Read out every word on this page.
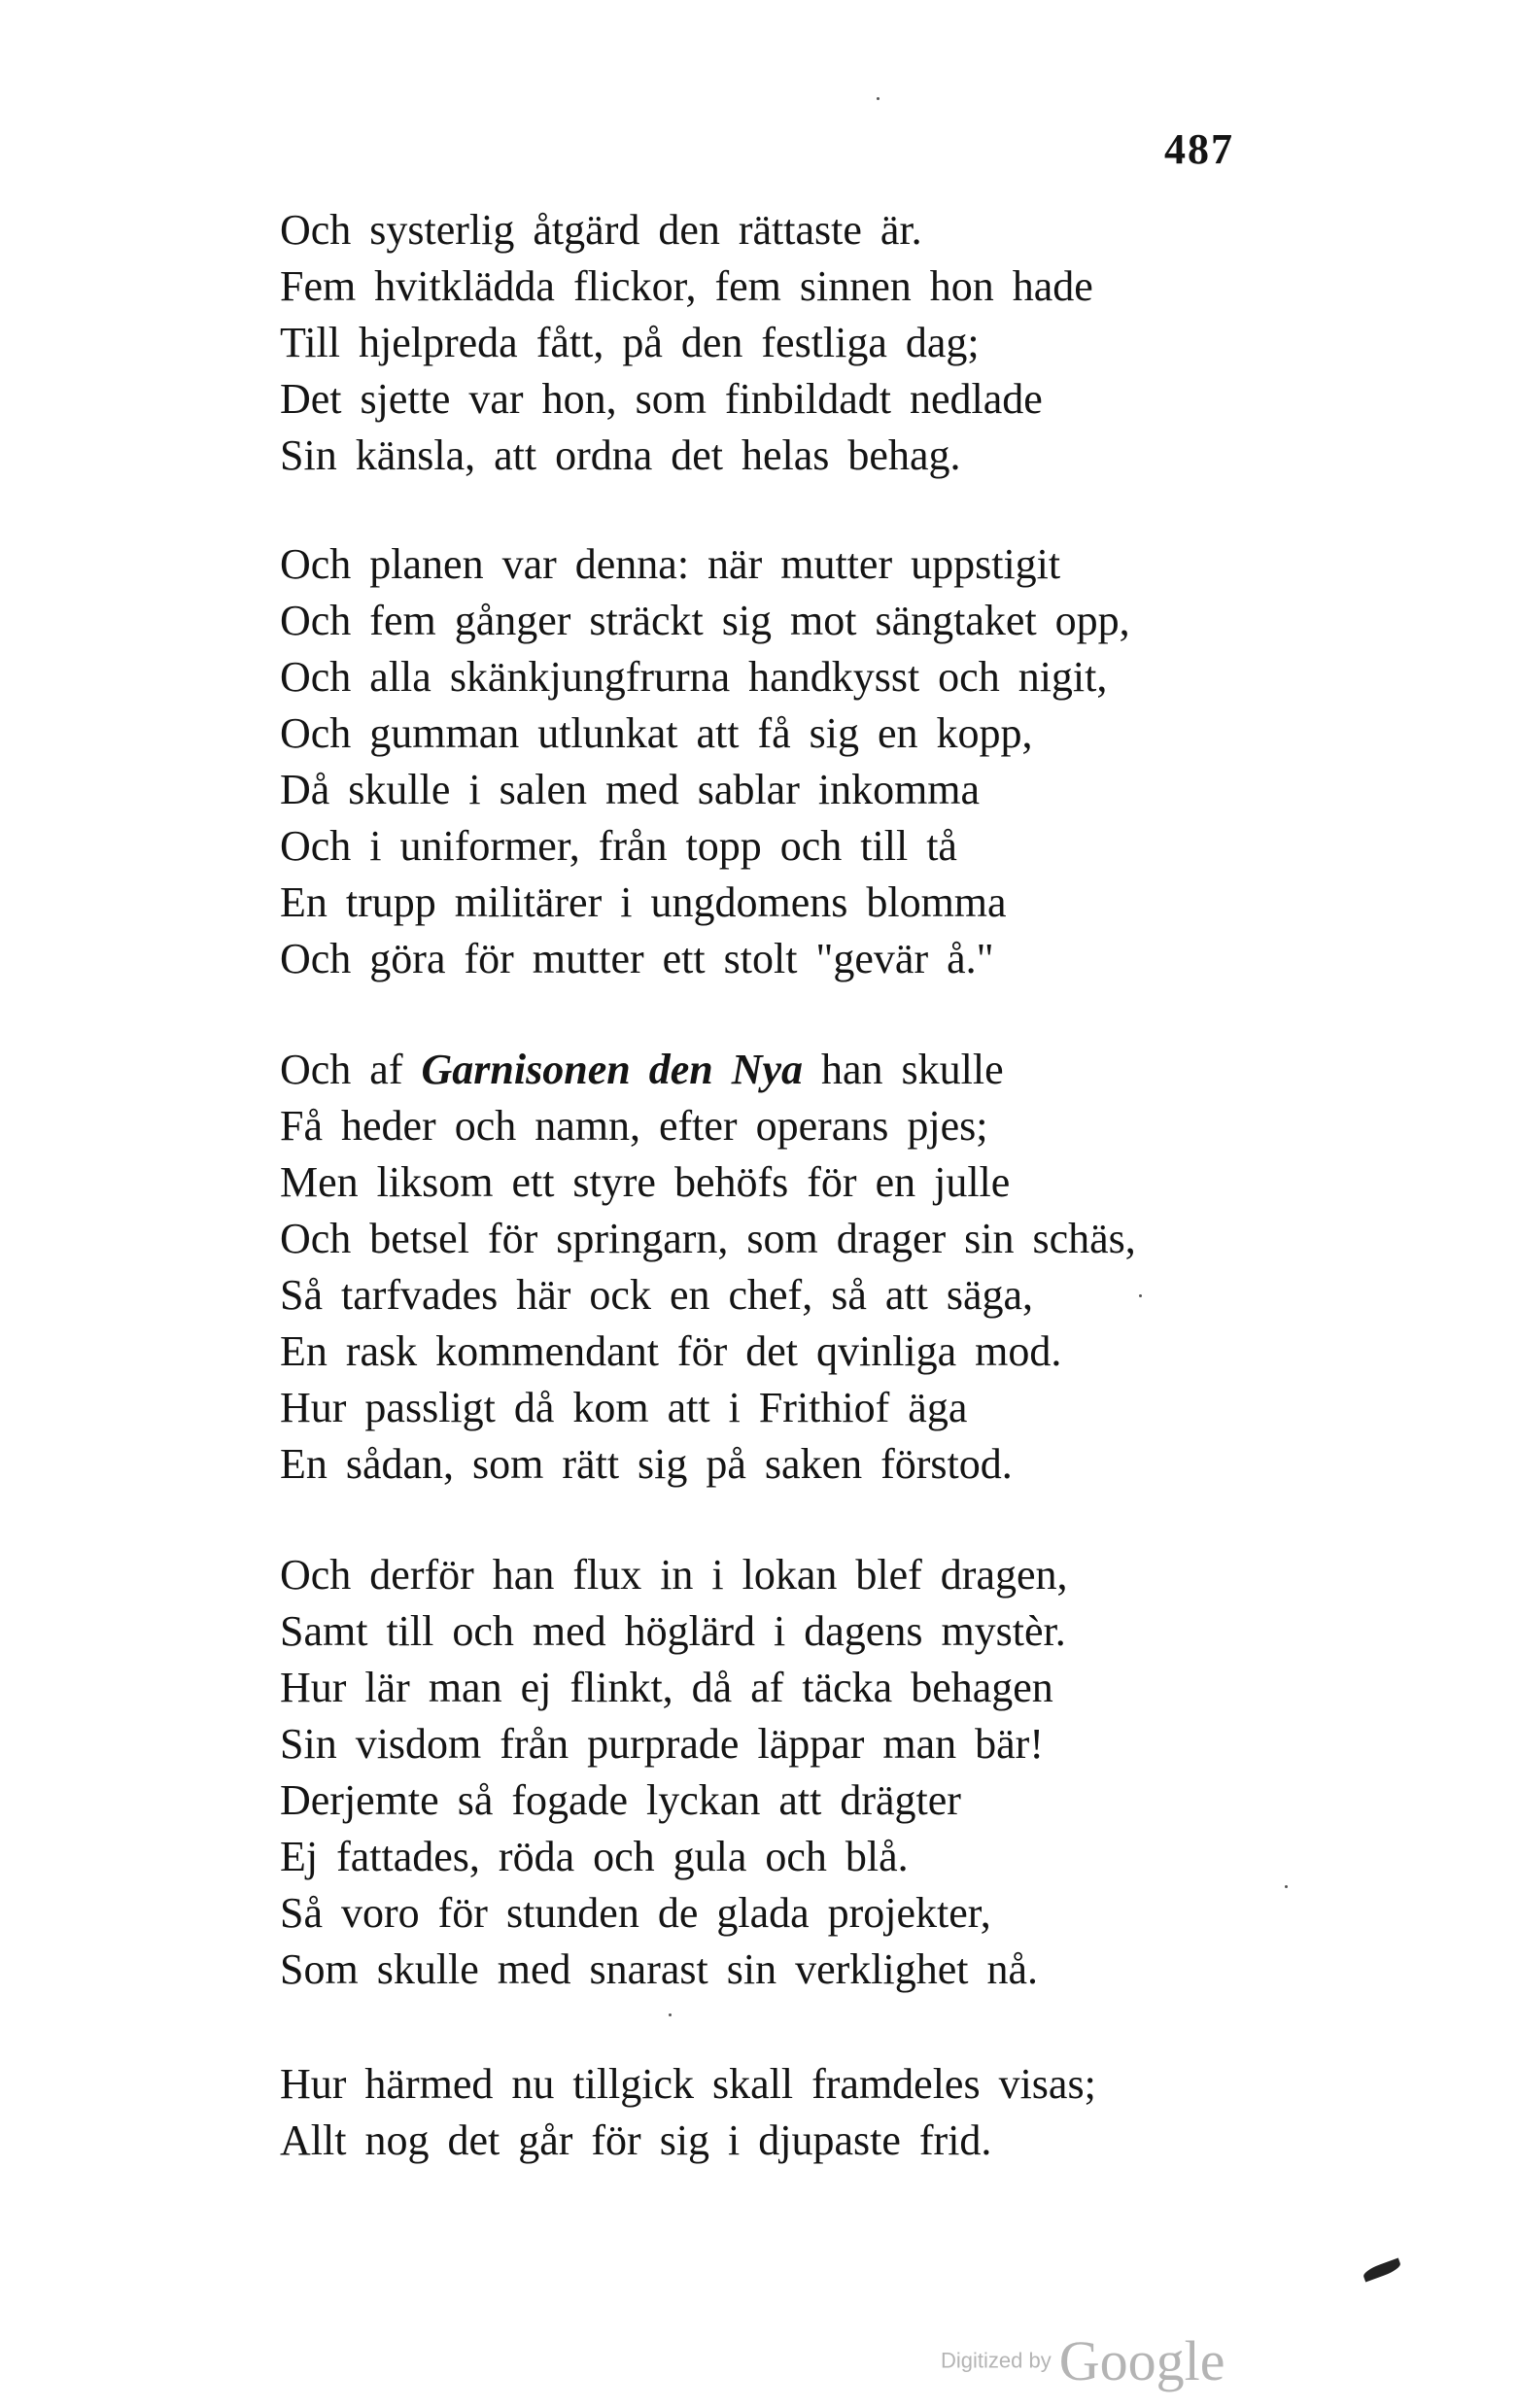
487
Och systerlig åtgärd den rättaste är.
Fem hvitklädda flickor, fem sinnen hon hade
Till hjelpreda fått, på den festliga dag;
Det sjette var hon, som finbildadt nedlade
Sin känsla, att ordna det helas behag.
Och planen var denna: när mutter uppstigit
Och fem gånger sträckt sig mot sängtaket opp,
Och alla skänkjungfrurna handkysst och nigit,
Och gumman utlunkat att få sig en kopp,
Då skulle i salen med sablar inkomma
Och i uniformer, från topp och till tå
En trupp militärer i ungdomens blomma
Och göra för mutter ett stolt "gevär å."
Och af Garnisonen den Nya han skulle
Få heder och namn, efter operans pjes;
Men liksom ett styre behöfs för en julle
Och betsel för springarn, som drager sin schäs,
Så tarfvades här ock en chef, så att säga,
En rask kommendant för det qvinliga mod.
Hur passligt då kom att i Frithiof äga
En sådan, som rätt sig på saken förstod.
Och derför han flux in i lokan blef dragen,
Samt till och med höglärd i dagens mystèr.
Hur lär man ej flinkt, då af täcka behagen
Sin visdom från purprade läppar man bär!
Derjemte så fogade lyckan att drägter
Ej fattades, röda och gula och blå.
Så voro för stunden de glada projekter,
Som skulle med snarast sin verklighet nå.
Hur härmed nu tillgick skall framdeles visas;
Allt nog det går för sig i djupaste frid.
Digitized by Google
